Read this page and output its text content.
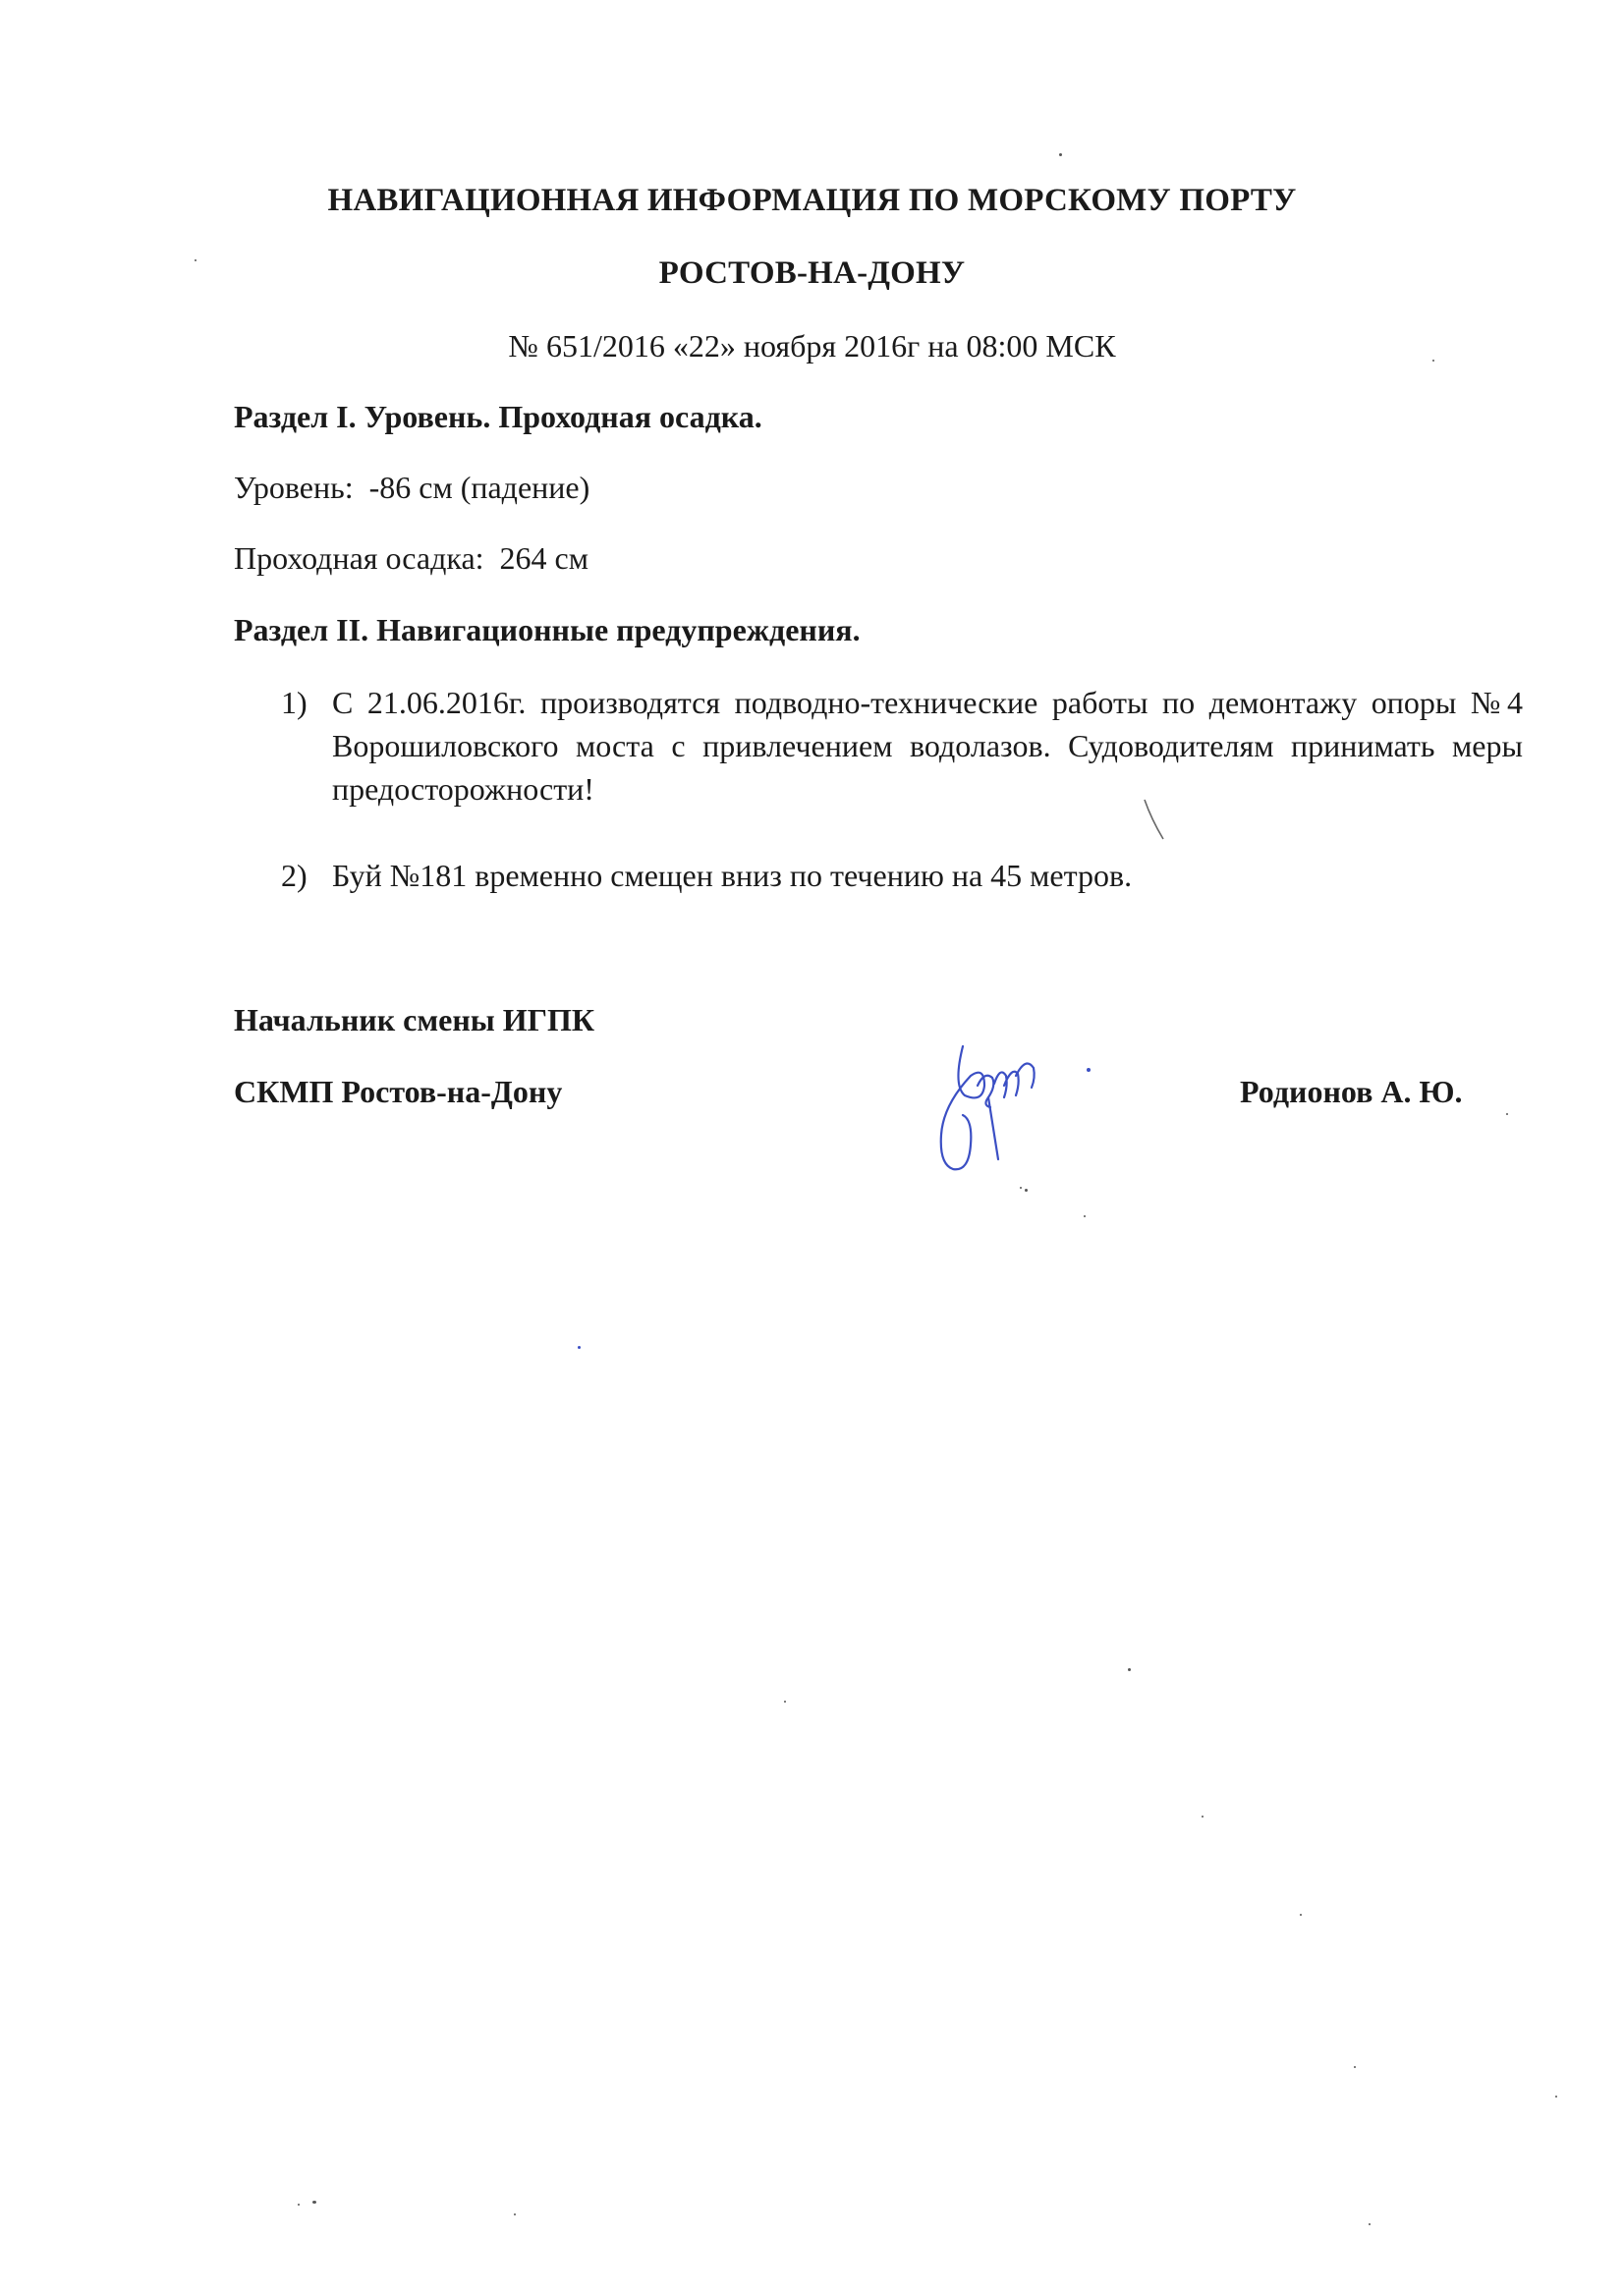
НАВИГАЦИОННАЯ ИНФОРМАЦИЯ ПО МОРСКОМУ ПОРТУ
РОСТОВ-НА-ДОНУ
№ 651/2016 «22» ноября 2016г на 08:00 МСК
Раздел I. Уровень. Проходная осадка.
Уровень:  -86 см (падение)
Проходная осадка:  264 см
Раздел II. Навигационные предупреждения.
1) С 21.06.2016г. производятся подводно-технические работы по демонтажу опоры №4 Ворошиловского моста с привлечением водолазов. Судоводителям принимать меры предосторожности!
2) Буй №181 временно смещен вниз по течению на 45 метров.
Начальник смены ИГПК
СКМП Ростов-на-Дону	Родионов А. Ю.
